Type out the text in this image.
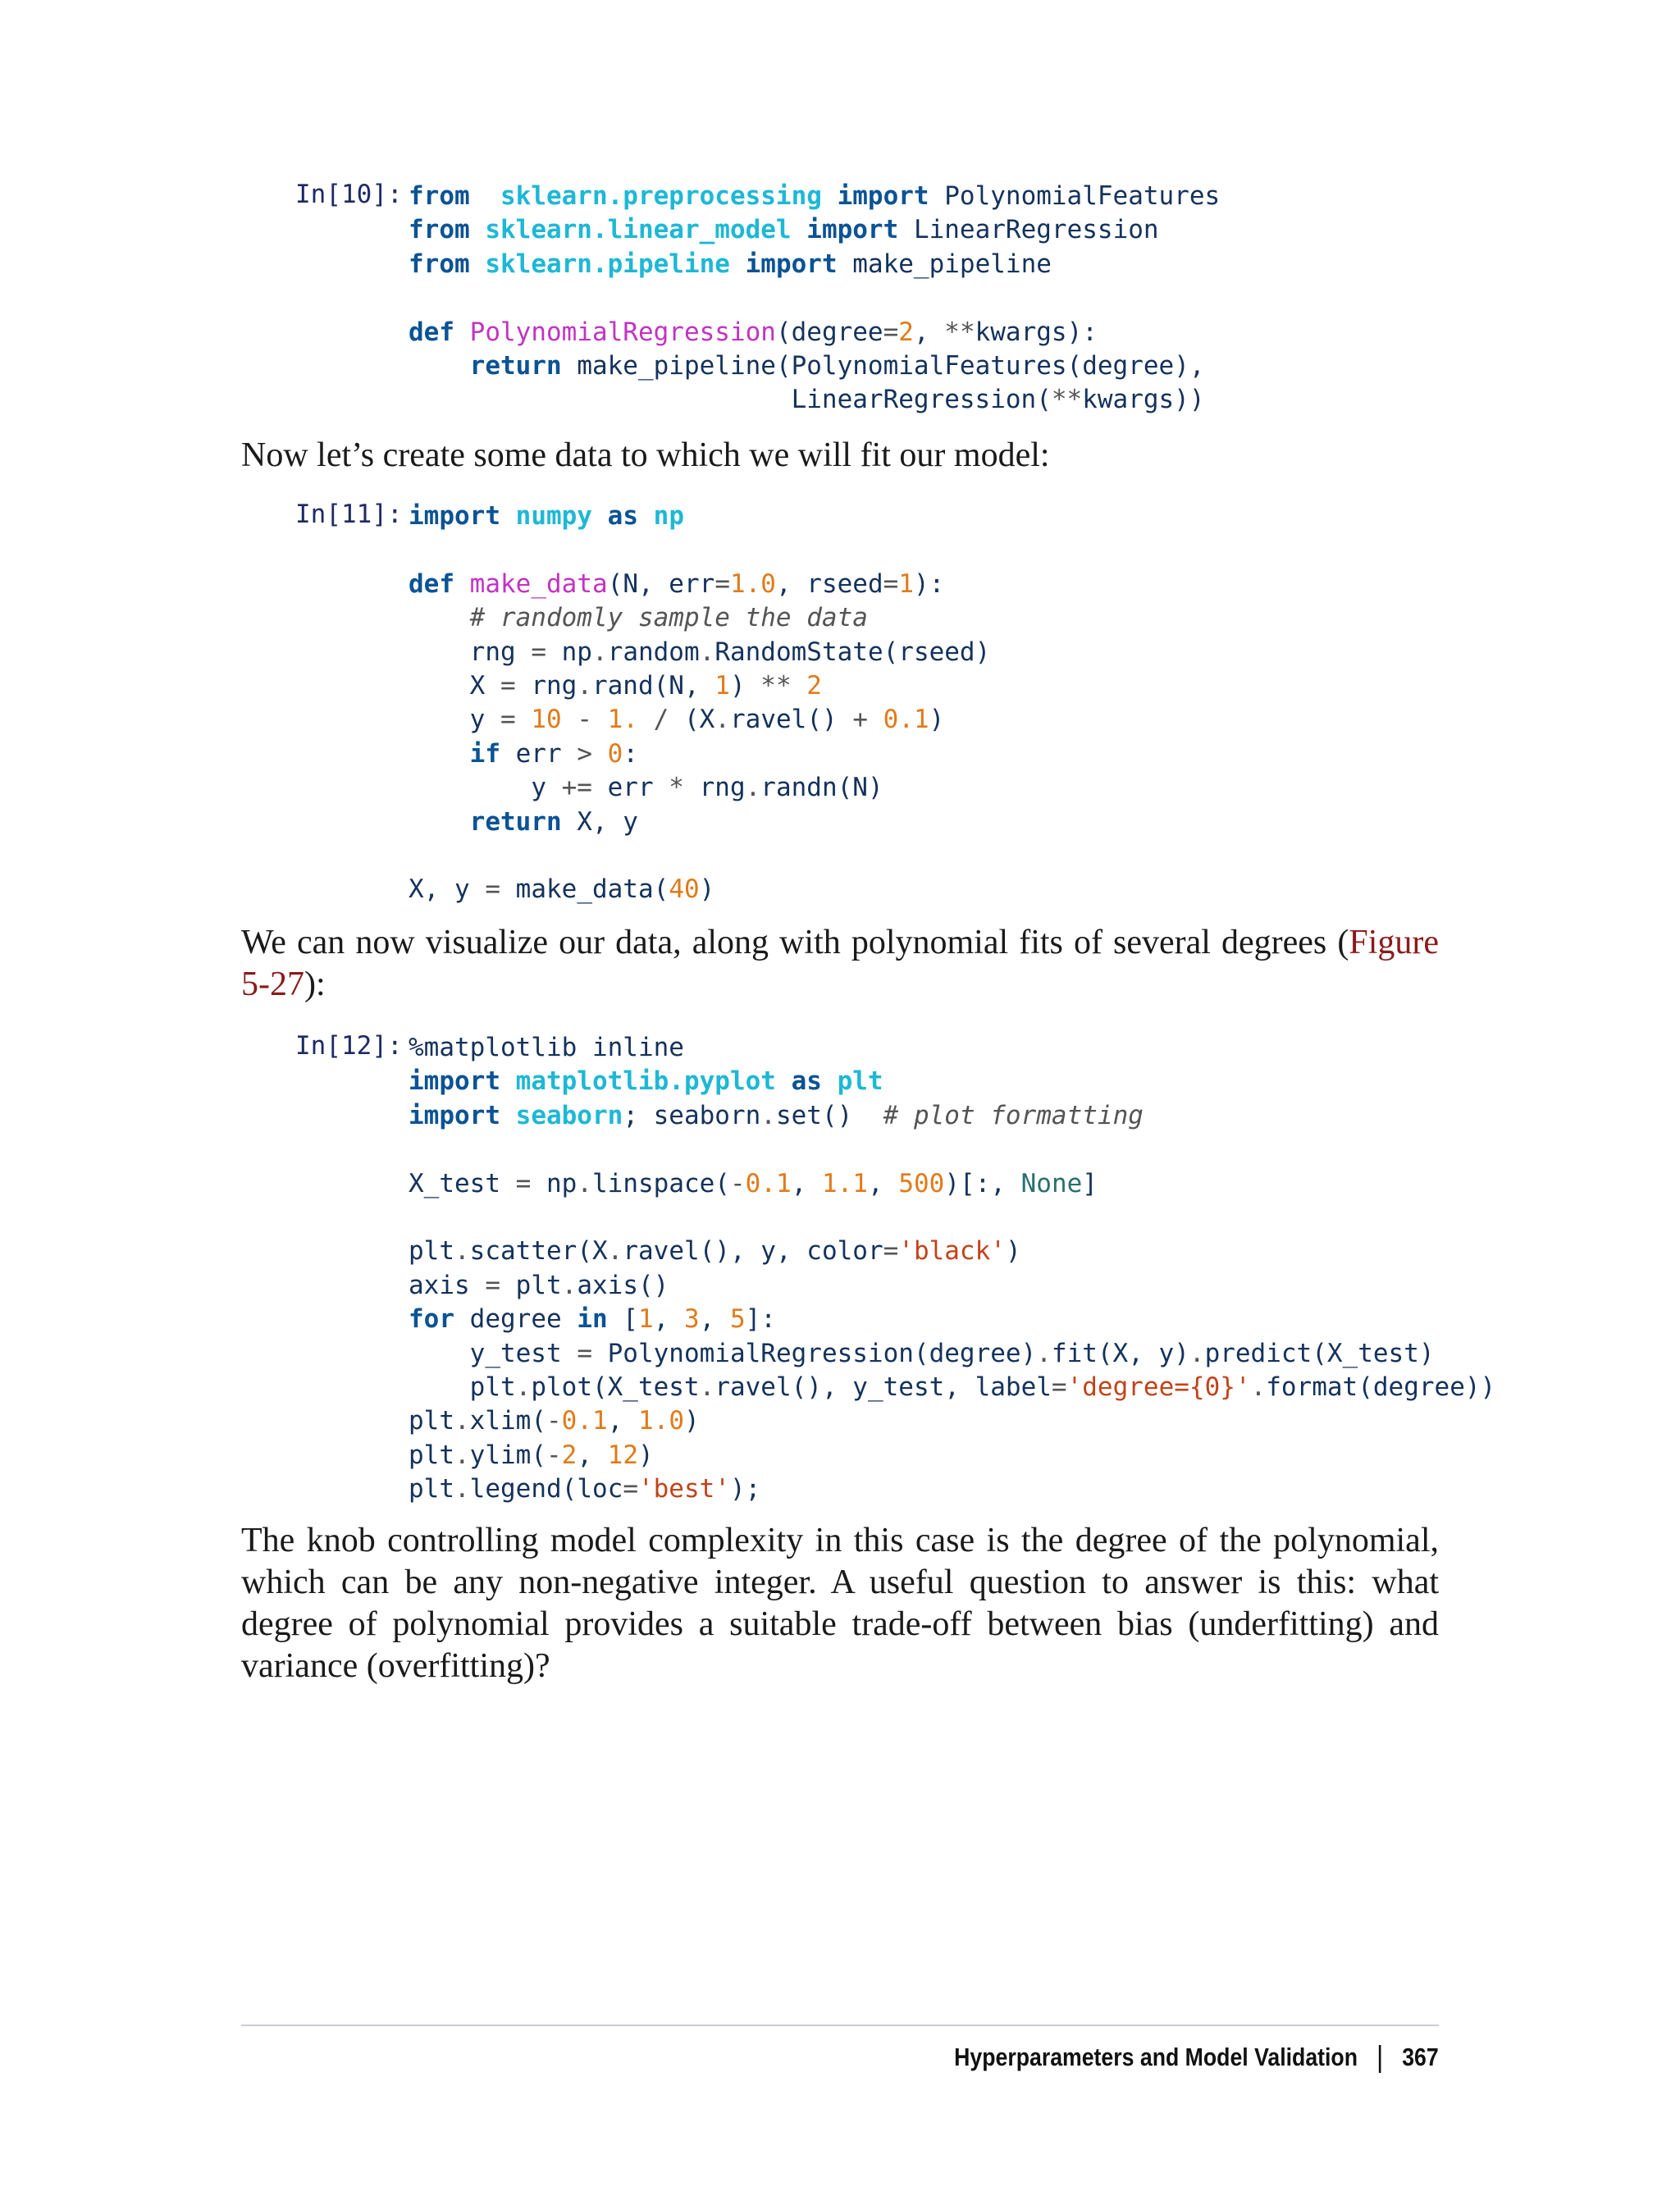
In[10]: from sklearn.preprocessing import PolynomialFeatures
from sklearn.linear_model import LinearRegression
from sklearn.pipeline import make_pipeline

def PolynomialRegression(degree=2, **kwargs):
return make_pipeline(PolynomialFeatures(degree),
LinearRegression(**kwargs))

Now let’s create some data to which we will fit our model:

In[11]: import numpy as np

def make_data(N, err=1.0, rseed=1):
# randomly sample the data
rng = np.random.RandomState(rseed)
X = rng.rand(N, 1) ** 2
y = 10 - 1. / (X.ravel() + 0.1)
if err > 0:
y += err * rng.randn(N)
return X, y

X, y = make_data(40)

We can now visualize our data, along with polynomial fits of several degrees (Figure 5-27):

In[12]: %matplotlib inline
import matplotlib.pyplot as plt
import seaborn; seaborn.set()  # plot formatting

X_test = np.linspace(-0.1, 1.1, 500)[:, None]

plt.scatter(X.ravel(), y, color='black')
axis = plt.axis()
for degree in [1, 3, 5]:
y_test = PolynomialRegression(degree).fit(X, y).predict(X_test)
plt.plot(X_test.ravel(), y_test, label='degree={0}'.format(degree))
plt.xlim(-0.1, 1.0)
plt.ylim(-2, 12)
plt.legend(loc='best');

The knob controlling model complexity in this case is the degree of the polynomial, which can be any non-negative integer. A useful question to answer is this: what degree of polynomial provides a suitable trade-off between bias (underfitting) and variance (overfitting)?

Hyperparameters and Model Validation 367
